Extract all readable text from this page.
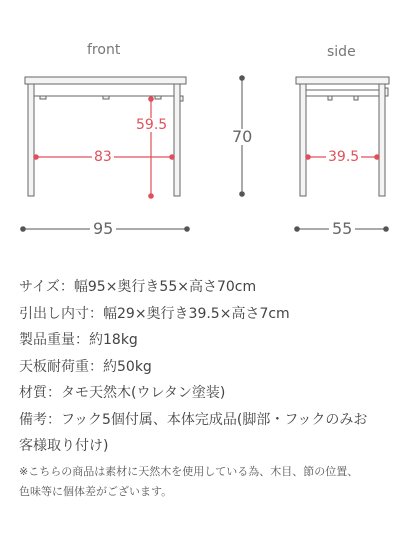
front	side
59.5
83	39.5
70
95	55
サイズ：幅95×奥行き55×高さ70cm
引出し内寸：幅29×奥行き39.5×高さ7cm
製品重量：約18kg
天板耐荷重：約50kg
材質：タモ天然木(ウレタン塗装)
備考：フック5個付属、本体完成品(脚部・フックのみお
客様取り付け)
※こちらの商品は素材に天然木を使用している為、木目、節の位置、
色味等に個体差がございます。
